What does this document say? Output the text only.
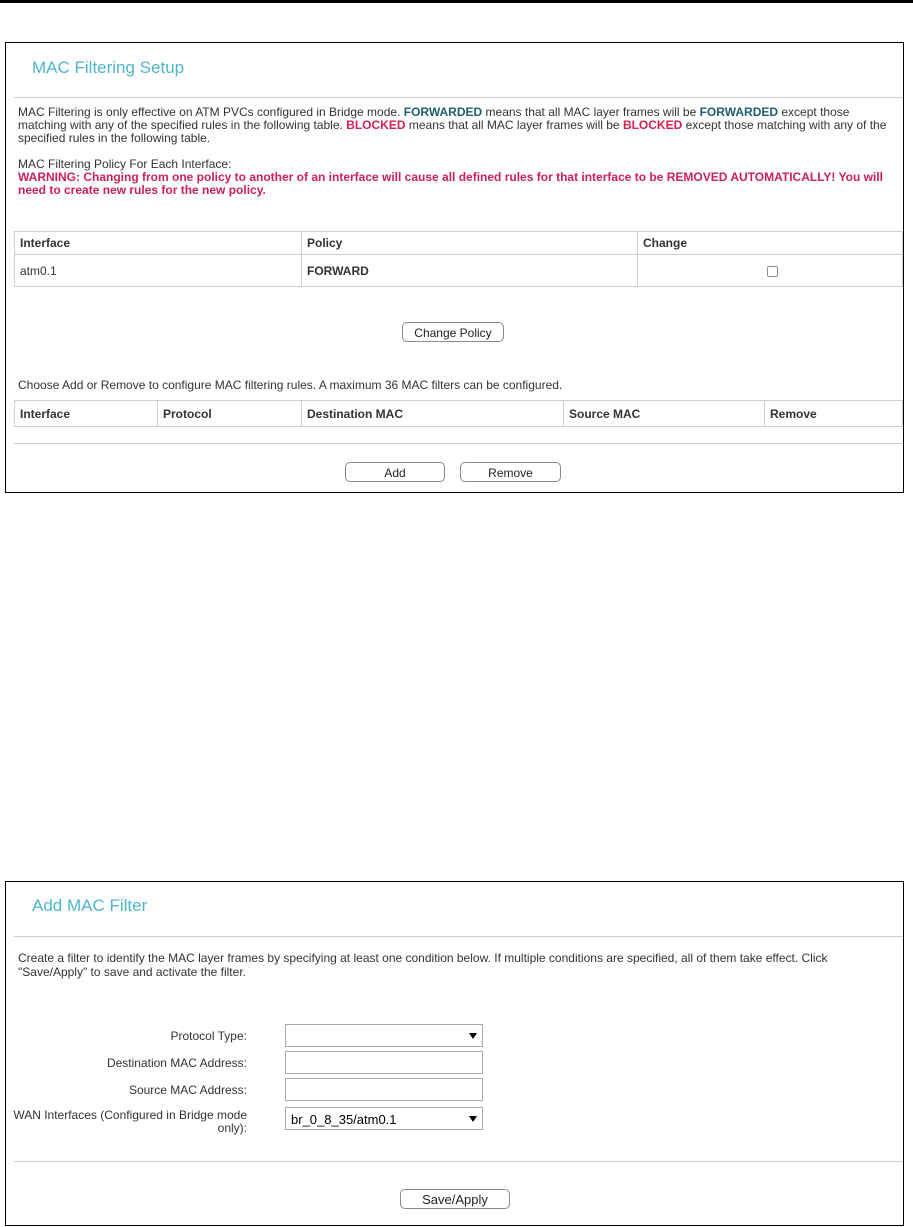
MAC Filtering Setup
MAC Filtering is only effective on ATM PVCs configured in Bridge mode. FORWARDED means that all MAC layer frames will be FORWARDED except those matching with any of the specified rules in the following table. BLOCKED means that all MAC layer frames will be BLOCKED except those matching with any of the specified rules in the following table.
MAC Filtering Policy For Each Interface:
WARNING: Changing from one policy to another of an interface will cause all defined rules for that interface to be REMOVED AUTOMATICALLY! You will need to create new rules for the new policy.
Interface	Policy	Change
atm0.1	FORWARD	
Change Policy
Choose Add or Remove to configure MAC filtering rules. A maximum 36 MAC filters can be configured.
Interface	Protocol	Destination MAC	Source MAC	Remove
Add	Remove
Add MAC Filter
Create a filter to identify the MAC layer frames by specifying at least one condition below. If multiple conditions are specified, all of them take effect. Click "Save/Apply" to save and activate the filter.
Protocol Type:
Destination MAC Address:
Source MAC Address:
WAN Interfaces (Configured in Bridge mode only):
br_0_8_35/atm0.1
Save/Apply
